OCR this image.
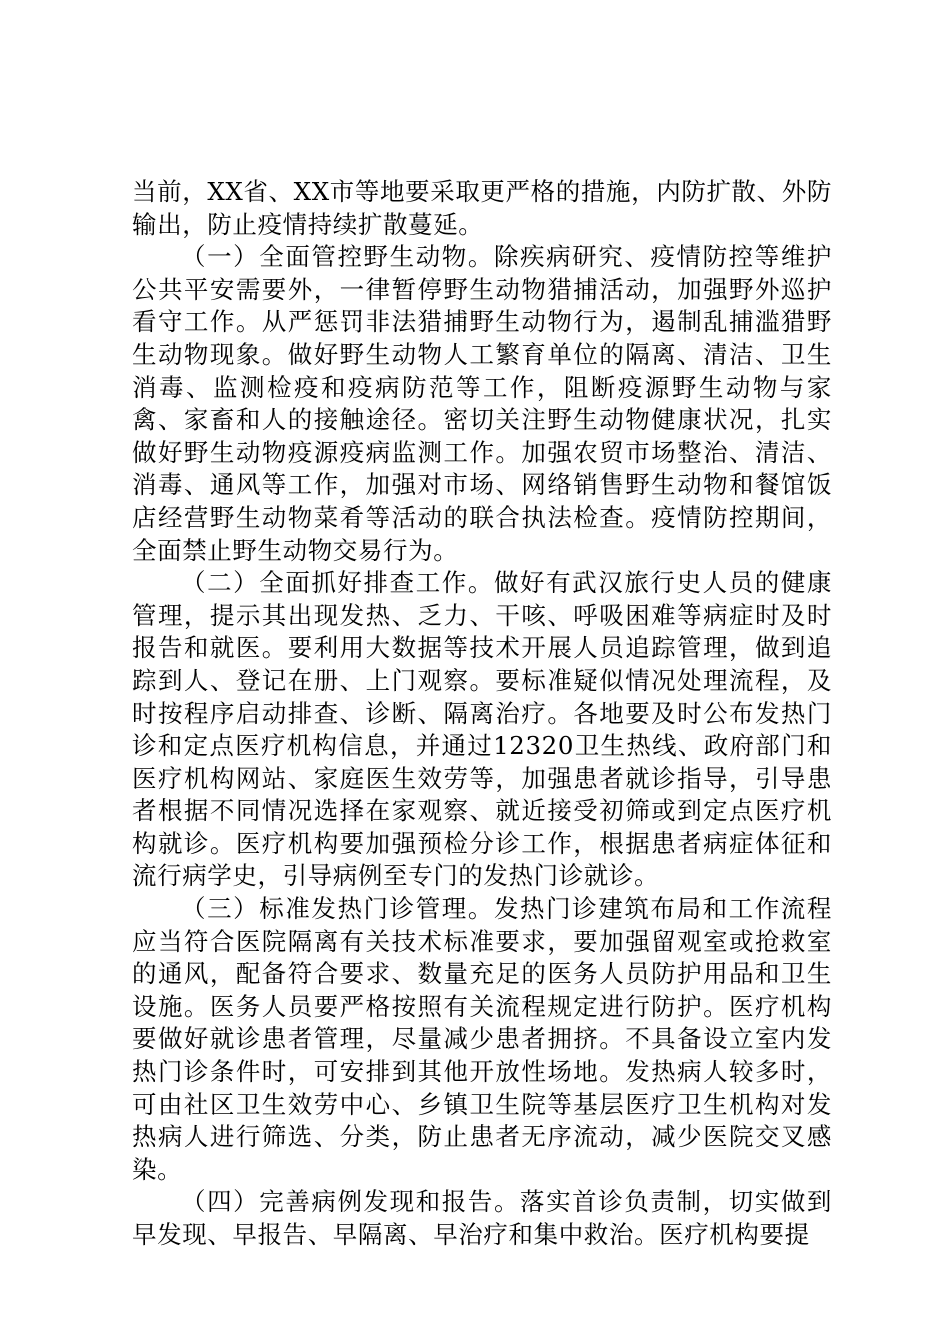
当前，XX省、XX市等地要采取更严格的措施，内防扩散、外防输出，防止疫情持续扩散蔓延。

（一）全面管控野生动物。除疾病研究、疫情防控等维护公共平安需要外，一律暂停野生动物猎捕活动，加强野外巡护看守工作。从严惩罚非法猎捕野生动物行为，遏制乱捕滥猎野生动物现象。做好野生动物人工繁育单位的隔离、清洁、卫生消毒、监测检疫和疫病防范等工作，阻断疫源野生动物与家禽、家畜和人的接触途径。密切关注野生动物健康状况，扎实做好野生动物疫源疫病监测工作。加强农贸市场整治、清洁、消毒、通风等工作，加强对市场、网络销售野生动物和餐馆饭店经营野生动物菜肴等活动的联合执法检查。疫情防控期间，全面禁止野生动物交易行为。

（二）全面抓好排查工作。做好有武汉旅行史人员的健康管理，提示其出现发热、乏力、干咳、呼吸困难等病症时及时报告和就医。要利用大数据等技术开展人员追踪管理，做到追踪到人、登记在册、上门观察。要标准疑似情况处理流程，及时按程序启动排查、诊断、隔离治疗。各地要及时公布发热门诊和定点医疗机构信息，并通过12320卫生热线、政府部门和医疗机构网站、家庭医生效劳等，加强患者就诊指导，引导患者根据不同情况选择在家观察、就近接受初筛或到定点医疗机构就诊。医疗机构要加强预检分诊工作，根据患者病症体征和流行病学史，引导病例至专门的发热门诊就诊。

（三）标准发热门诊管理。发热门诊建筑布局和工作流程应当符合医院隔离有关技术标准要求，要加强留观室或抢救室的通风，配备符合要求、数量充足的医务人员防护用品和卫生设施。医务人员要严格按照有关流程规定进行防护。医疗机构要做好就诊患者管理，尽量减少患者拥挤。不具备设立室内发热门诊条件时，可安排到其他开放性场地。发热病人较多时，可由社区卫生效劳中心、乡镇卫生院等基层医疗卫生机构对发热病人进行筛选、分类，防止患者无序流动，减少医院交叉感染。

（四）完善病例发现和报告。落实首诊负责制，切实做到早发现、早报告、早隔离、早治疗和集中救治。医疗机构要提
